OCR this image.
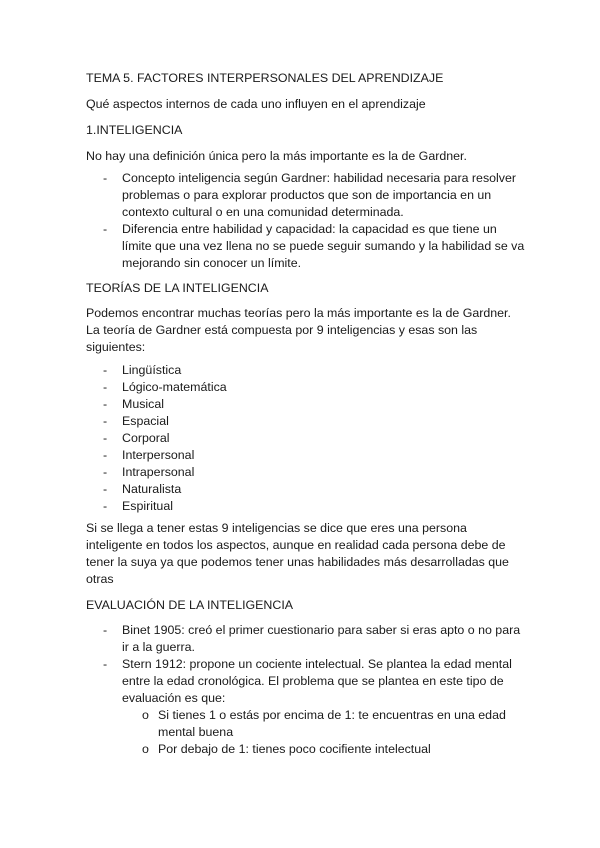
TEMA 5. FACTORES INTERPERSONALES DEL APRENDIZAJE

Qué aspectos internos de cada uno influyen en el aprendizaje

1.INTELIGENCIA

No hay una definición única pero la más importante es la de Gardner.

- Concepto inteligencia según Gardner: habilidad necesaria para resolver problemas o para explorar productos que son de importancia en un contexto cultural o en una comunidad determinada.
- Diferencia entre habilidad y capacidad: la capacidad es que tiene un límite que una vez llena no se puede seguir sumando y la habilidad se va mejorando sin conocer un límite.

TEORÍAS DE LA INTELIGENCIA

Podemos encontrar muchas teorías pero la más importante es la de Gardner. La teoría de Gardner está compuesta por 9 inteligencias y esas son las siguientes:

- Lingüística
- Lógico-matemática
- Musical
- Espacial
- Corporal
- Interpersonal
- Intrapersonal
- Naturalista
- Espiritual

Si se llega a tener estas 9 inteligencias se dice que eres una persona inteligente en todos los aspectos, aunque en realidad cada persona debe de tener la suya ya que podemos tener unas habilidades más desarrolladas que otras

EVALUACIÓN DE LA INTELIGENCIA

- Binet 1905: creó el primer cuestionario para saber si eras apto o no para ir a la guerra.
- Stern 1912: propone un cociente intelectual. Se plantea la edad mental entre la edad cronológica. El problema que se plantea en este tipo de evaluación es que:
o Si tienes 1 o estás por encima de 1: te encuentras en una edad mental buena
o Por debajo de 1: tienes poco cocifiente intelectual
